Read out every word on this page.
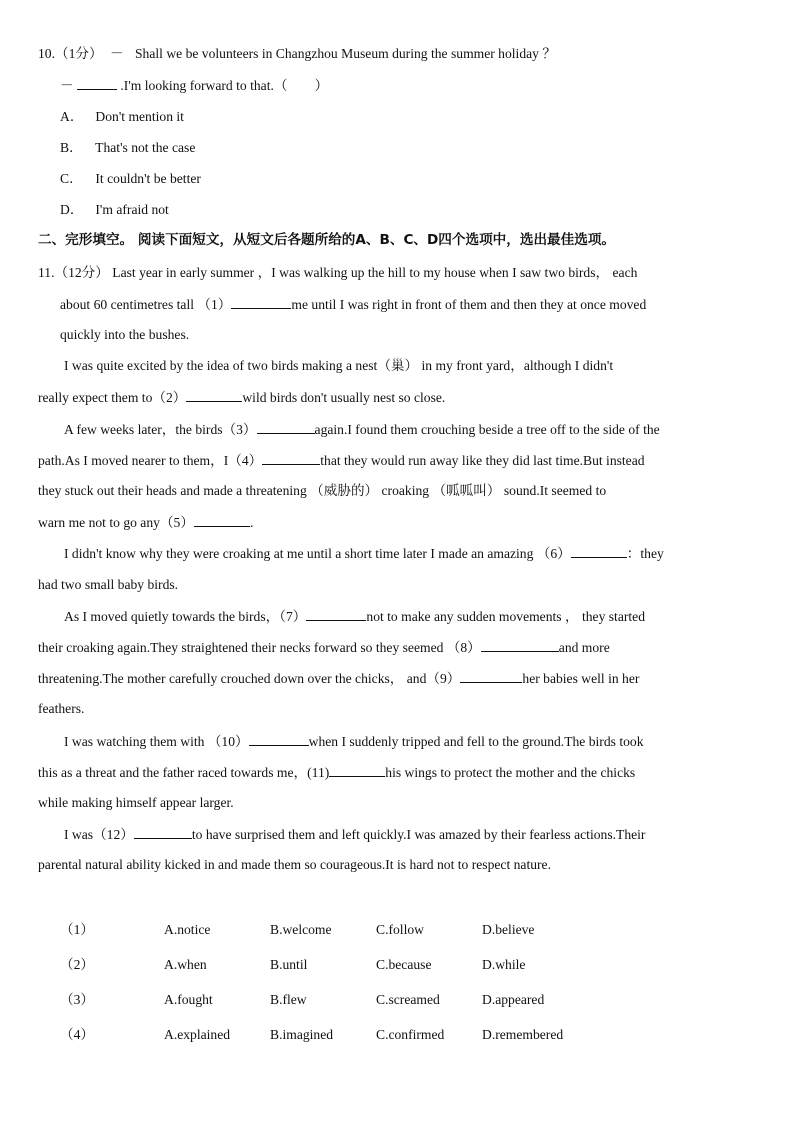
10.（1分） － Shall we be volunteers in Changzhou Museum during the summer holiday ？
－	.I'm looking forward to that.（　　）
A． Don't mention it
B． That's not the case
C． It couldn't be better
D． I'm afraid not
二、完形填空。 阅读下面短文，从短文后各题所给的A、B、C、D四个选项中，选出最佳选项。
11.（12分） Last year in early summer ，I was walking up the hill to my house when I saw two birds， each
about 60 centimetres tall （1）	me until I was right in front of them and then they at once moved
quickly into the bushes.
I was quite excited by the idea of two birds making a nest（巢） in my front yard，although I didn't
really expect them to（2）	wild birds don't usually nest so close.
A few weeks later，the birds（3）	again.I found them crouching beside a tree off to the side of the
path.As I moved nearer to them，I（4）	that they would run away like they did last time.But instead
they stuck out their heads and made a threatening （威胁的） croaking （呱呱叫） sound.It seemed to
warn me not to go any（5）	.
I didn't know why they were croaking at me until a short time later I made an amazing （6）	：they
had two small baby birds.
As I moved quietly towards the birds，（7）	not to make any sudden movements ， they started
their croaking again.They straightened their necks forward so they seemed （8）	and more
threatening.The mother carefully crouched down over the chicks， and（9）	her babies well in her
feathers.
I was watching them with （10）	when I suddenly tripped and fell to the ground.The birds took
this as a threat and the father raced towards me，(11)	his wings to protect the mother and the chicks
while making himself appear larger.
I was（12）	to have surprised them and left quickly.I was amazed by their fearless actions.Their
parental natural ability kicked in and made them so courageous.It is hard not to respect nature.
（1）	A.notice	B.welcome	C.follow	D.believe
（2）	A.when	B.until	C.because	D.while
（3）	A.fought	B.flew	C.screamed	D.appeared
（4）	A.explained	B.imagined	C.confirmed	D.remembered
